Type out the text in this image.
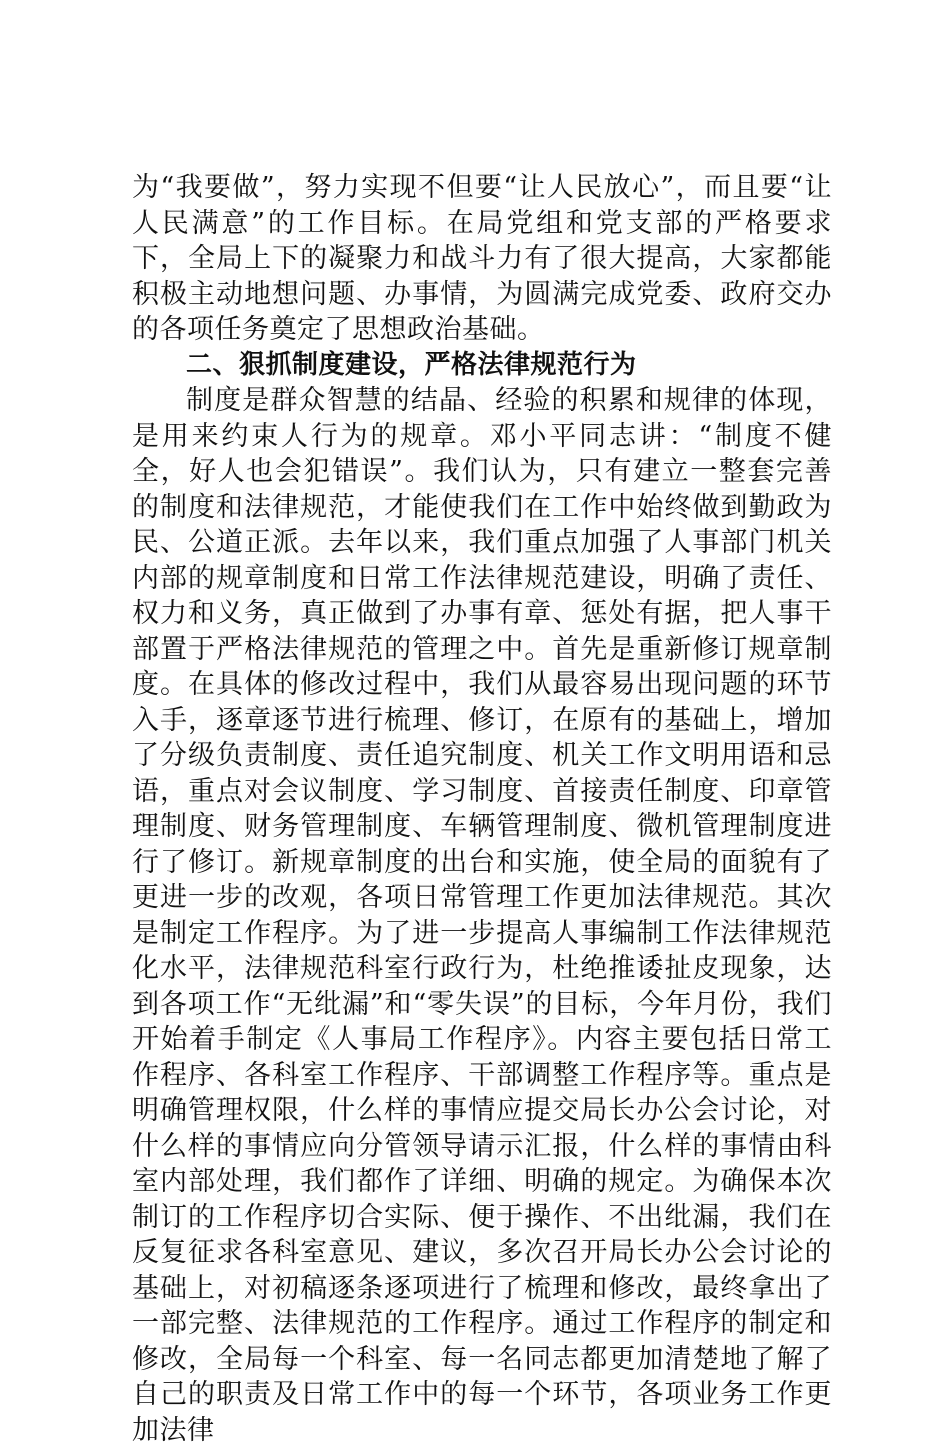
为“我要做”，努力实现不但要“让人民放心”，而且要“让人民满意”的工作目标。在局党组和党支部的严格要求下，全局上下的凝聚力和战斗力有了很大提高，大家都能积极主动地想问题、办事情，为圆满完成党委、政府交办的各项任务奠定了思想政治基础。

二、狠抓制度建设，严格法律规范行为

制度是群众智慧的结晶、经验的积累和规律的体现，是用来约束人行为的规章。邓小平同志讲：“制度不健全，好人也会犯错误”。我们认为，只有建立一整套完善的制度和法律规范，才能使我们在工作中始终做到勤政为民、公道正派。去年以来，我们重点加强了人事部门机关内部的规章制度和日常工作法律规范建设，明确了责任、权力和义务，真正做到了办事有章、惩处有据，把人事干部置于严格法律规范的管理之中。首先是重新修订规章制度。在具体的修改过程中，我们从最容易出现问题的环节入手，逐章逐节进行梳理、修订，在原有的基础上，增加了分级负责制度、责任追究制度、机关工作文明用语和忌语，重点对会议制度、学习制度、首接责任制度、印章管理制度、财务管理制度、车辆管理制度、微机管理制度进行了修订。新规章制度的出台和实施，使全局的面貌有了更进一步的改观，各项日常管理工作更加法律规范。其次是制定工作程序。为了进一步提高人事编制工作法律规范化水平，法律规范科室行政行为，杜绝推诿扯皮现象，达到各项工作“无纰漏”和“零失误”的目标，今年月份，我们开始着手制定《人事局工作程序》。内容主要包括日常工作程序、各科室工作程序、干部调整工作程序等。重点是明确管理权限，什么样的事情应提交局长办公会讨论，对什么样的事情应向分管领导请示汇报，什么样的事情由科室内部处理，我们都作了详细、明确的规定。为确保本次制订的工作程序切合实际、便于操作、不出纰漏，我们在反复征求各科室意见、建议，多次召开局长办公会讨论的基础上，对初稿逐条逐项进行了梳理和修改，最终拿出了一部完整、法律规范的工作程序。通过工作程序的制定和修改，全局每一个科室、每一名同志都更加清楚地了解了自己的职责及日常工作中的每一个环节，各项业务工作更加法律
